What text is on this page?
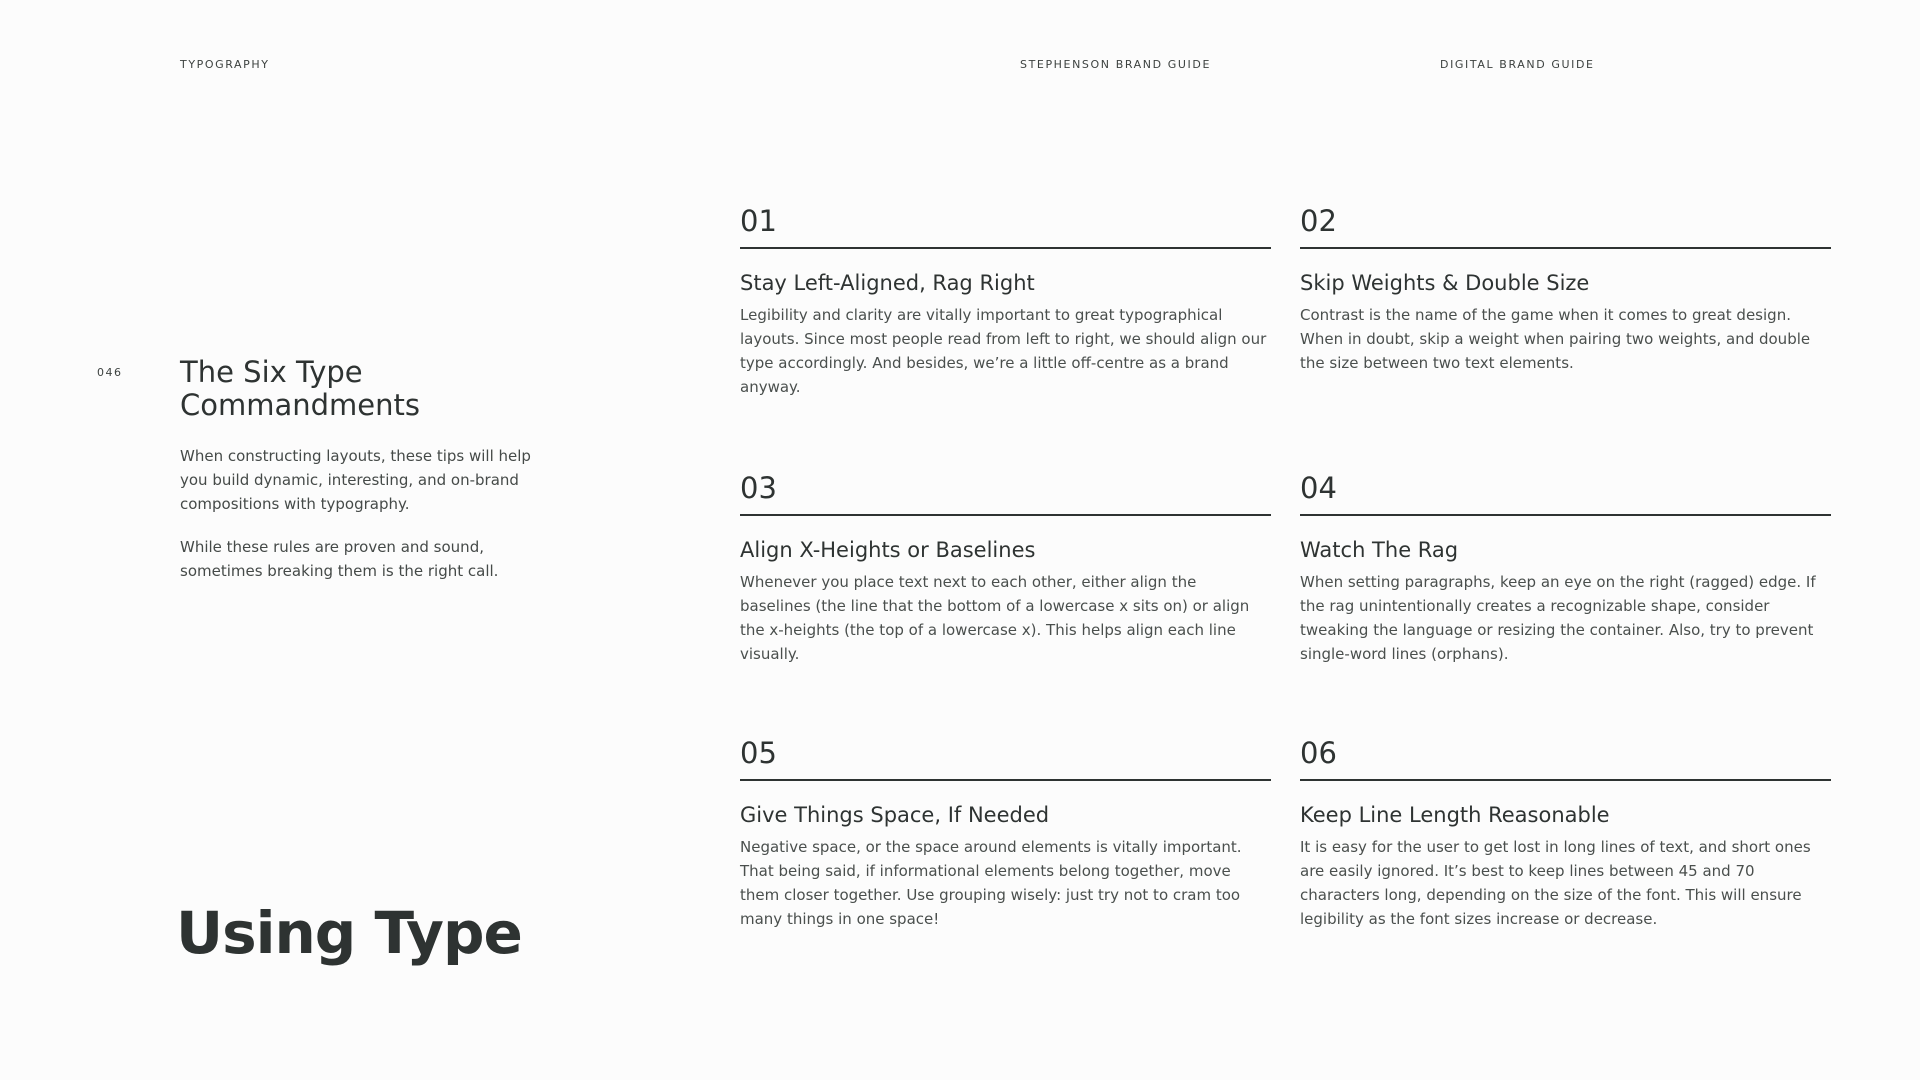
TYPOGRAPHY	STEPHENSON BRAND GUIDE	DIGITAL BRAND GUIDE
046 The Six Type
Commandments

When constructing layouts, these tips will help you build dynamic, interesting, and on-brand compositions with typography.

While these rules are proven and sound, sometimes breaking them is the right call.

Using Type
01
Stay Left-Aligned, Rag Right

Legibility and clarity are vitally important to great typographical layouts. Since most people read from left to right, we should align our type accordingly. And besides, we’re a little off-centre as a brand anyway.

02
Skip Weights & Double Size

Contrast is the name of the game when it comes to great design. When in doubt, skip a weight when pairing two weights, and double the size between two text elements.

03
Align X-Heights or Baselines

Whenever you place text next to each other, either align the baselines (the line that the bottom of a lowercase x sits on) or align the x-heights (the top of a lowercase x). This helps align each line visually.

04
Watch The Rag

When setting paragraphs, keep an eye on the right (ragged) edge. If the rag unintentionally creates a recognizable shape, consider tweaking the language or resizing the container. Also, try to prevent single-word lines (orphans).

05
Give Things Space, If Needed

Negative space, or the space around elements is vitally important. That being said, if informational elements belong together, move them closer together. Use grouping wisely: just try not to cram too many things in one space!

06
Keep Line Length Reasonable

It is easy for the user to get lost in long lines of text, and short ones are easily ignored. It’s best to keep lines between 45 and 70 characters long, depending on the size of the font. This will ensure legibility as the font sizes increase or decrease.
